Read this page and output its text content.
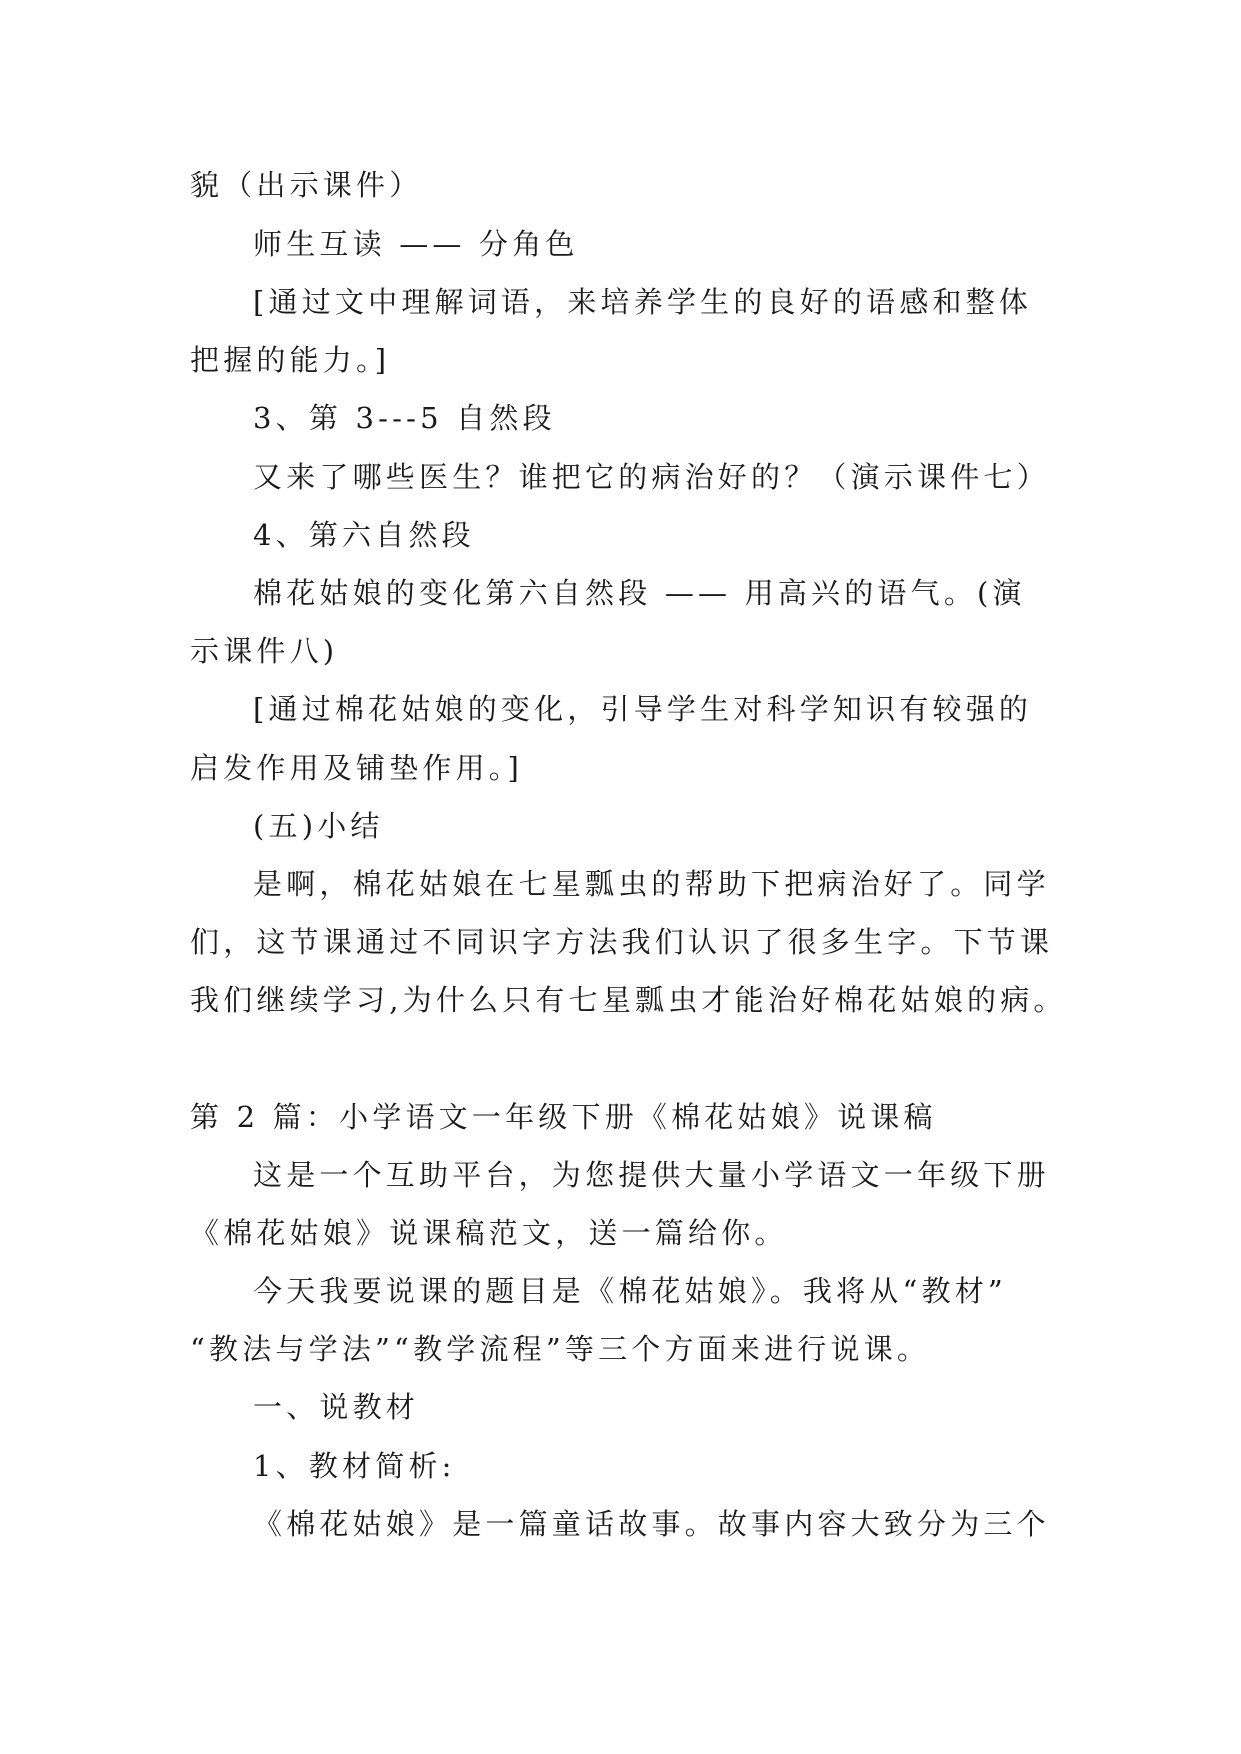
貌（出示课件）
师生互读 —— 分角色
[通过文中理解词语，来培养学生的良好的语感和整体
把握的能力。]
3、第 3---5 自然段
又来了哪些医生？谁把它的病治好的？（演示课件七）
4、第六自然段
棉花姑娘的变化第六自然段 —— 用高兴的语气。(演
示课件八)
[通过棉花姑娘的变化，引导学生对科学知识有较强的
启发作用及铺垫作用。]
(五)小结
是啊，棉花姑娘在七星瓢虫的帮助下把病治好了。同学
们，这节课通过不同识字方法我们认识了很多生字。下节课
我们继续学习,为什么只有七星瓢虫才能治好棉花姑娘的病。
第 2 篇：小学语文一年级下册《棉花姑娘》说课稿
这是一个互助平台，为您提供大量小学语文一年级下册
《棉花姑娘》说课稿范文，送一篇给你。
今天我要说课的题目是《棉花姑娘》。我将从“教材”
“教法与学法”“教学流程”等三个方面来进行说课。
一、说教材
1、教材简析:
《棉花姑娘》是一篇童话故事。故事内容大致分为三个
